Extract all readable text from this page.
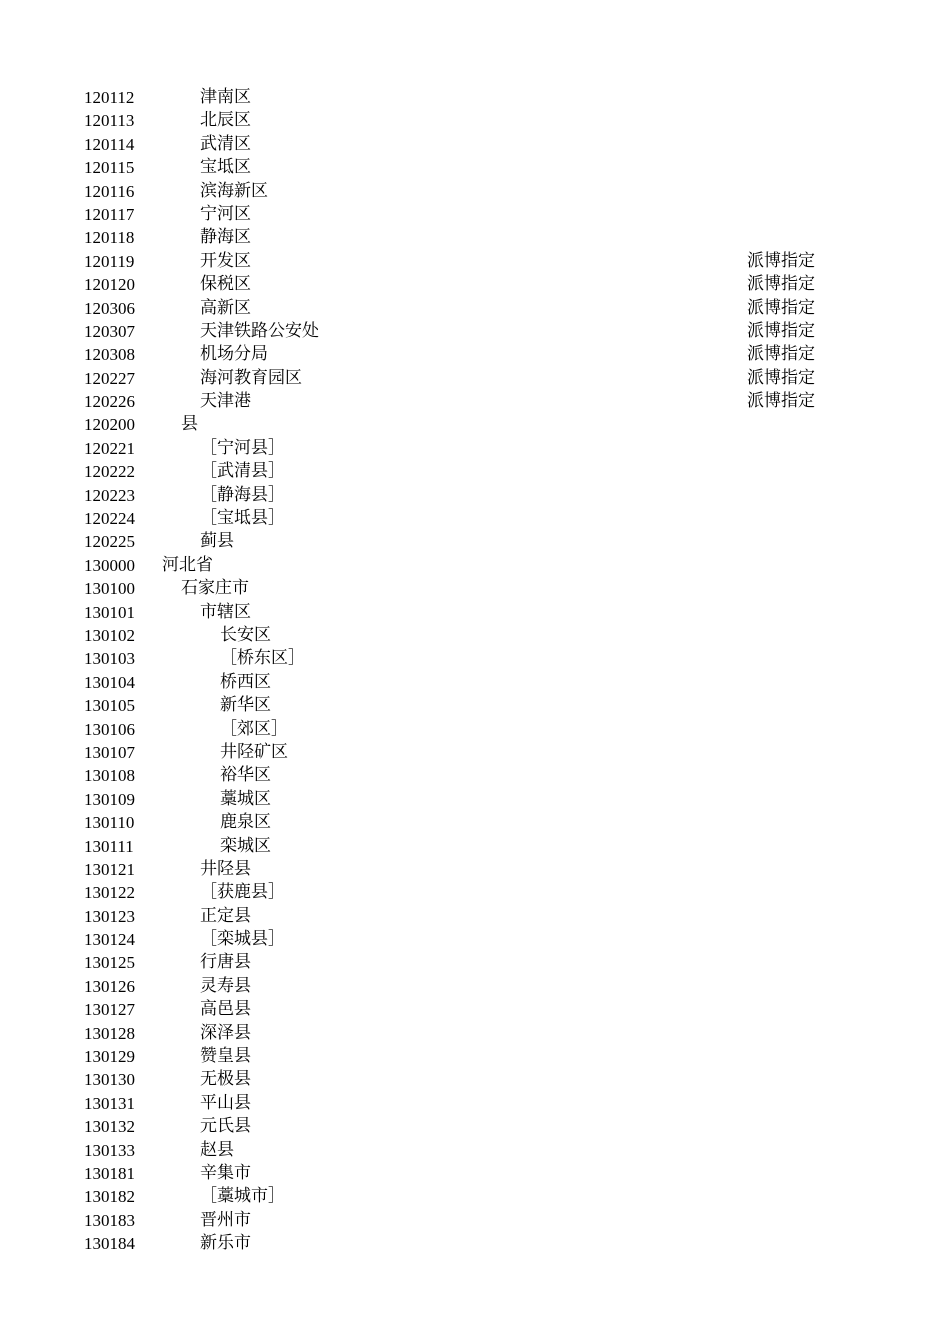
120112	津南区
120113	北辰区
120114	武清区
120115	宝坻区
120116	滨海新区
120117	宁河区
120118	静海区
120119	开发区	派博指定
120120	保税区	派博指定
120306	高新区	派博指定
120307	天津铁路公安处	派博指定
120308	机场分局	派博指定
120227	海河教育园区	派博指定
120226	天津港	派博指定
120200	县
120221	［宁河县］
120222	［武清县］
120223	［静海县］
120224	［宝坻县］
120225	蓟县
130000 河北省
130100	石家庄市
130101	市辖区
130102	长安区
130103	［桥东区］
130104	桥西区
130105	新华区
130106	［郊区］
130107	井陉矿区
130108	裕华区
130109	藁城区
130110	鹿泉区
130111	栾城区
130121	井陉县
130122	［获鹿县］
130123	正定县
130124	［栾城县］
130125	行唐县
130126	灵寿县
130127	高邑县
130128	深泽县
130129	赞皇县
130130	无极县
130131	平山县
130132	元氏县
130133	赵县
130181	辛集市
130182	［藁城市］
130183	晋州市
130184	新乐市
